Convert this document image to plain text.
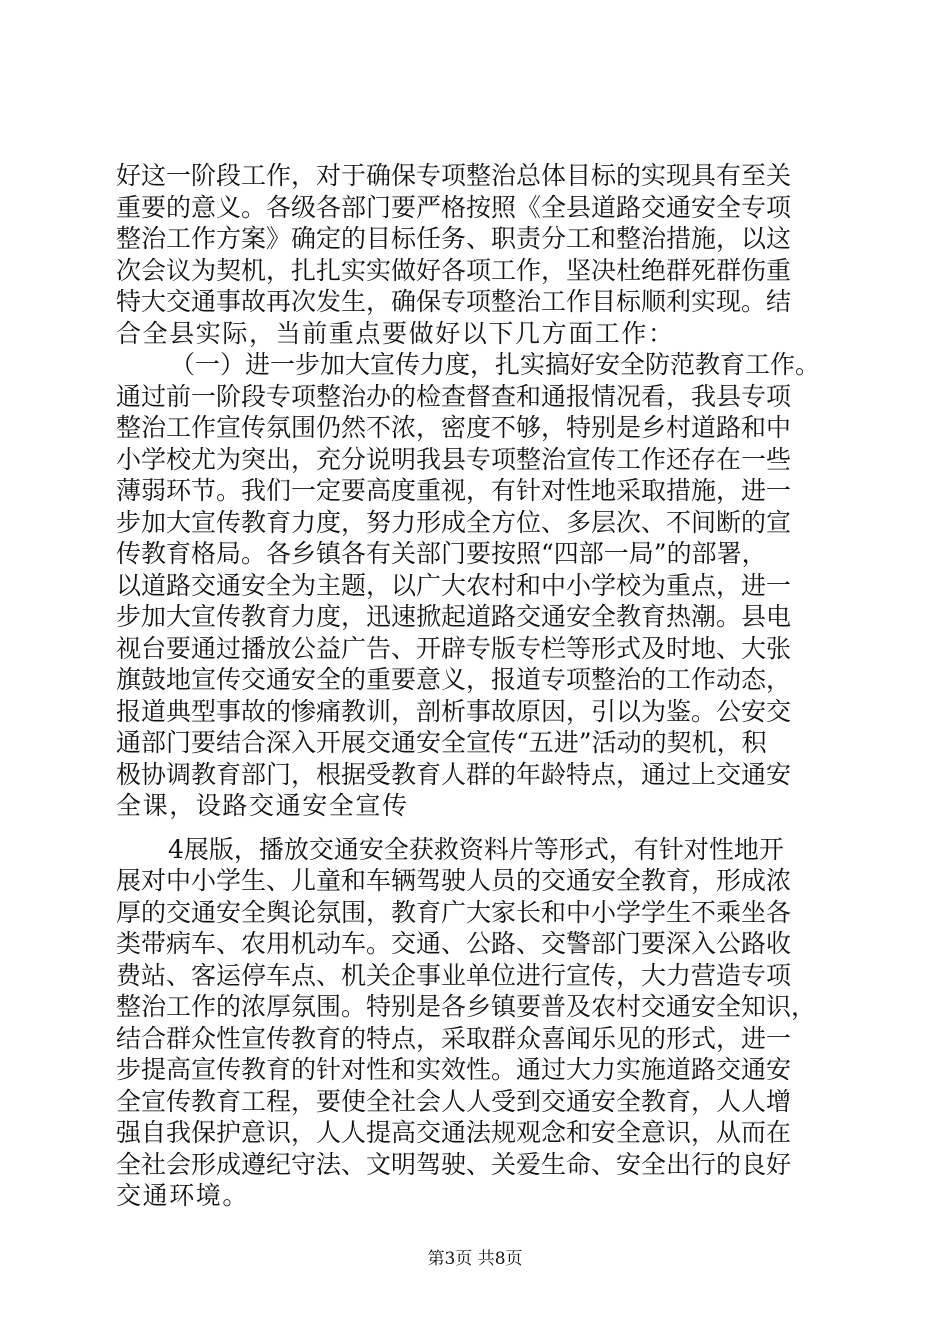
好这一阶段工作，对于确保专项整治总体目标的实现具有至关
重要的意义。各级各部门要严格按照《全县道路交通安全专项
整治工作方案》确定的目标任务、职责分工和整治措施，以这
次会议为契机，扎扎实实做好各项工作，坚决杜绝群死群伤重
特大交通事故再次发生，确保专项整治工作目标顺利实现。结
合全县实际，当前重点要做好以下几方面工作：
（一）进一步加大宣传力度，扎实搞好安全防范教育工作。
通过前一阶段专项整治办的检查督查和通报情况看，我县专项
整治工作宣传氛围仍然不浓，密度不够，特别是乡村道路和中
小学校尤为突出，充分说明我县专项整治宣传工作还存在一些
薄弱环节。我们一定要高度重视，有针对性地采取措施，进一
步加大宣传教育力度，努力形成全方位、多层次、不间断的宣
传教育格局。各乡镇各有关部门要按照“四部一局”的部署，
以道路交通安全为主题，以广大农村和中小学校为重点，进一
步加大宣传教育力度，迅速掀起道路交通安全教育热潮。县电
视台要通过播放公益广告、开辟专版专栏等形式及时地、大张
旗鼓地宣传交通安全的重要意义，报道专项整治的工作动态，
报道典型事故的惨痛教训，剖析事故原因，引以为鉴。公安交
通部门要结合深入开展交通安全宣传“五进”活动的契机，积
极协调教育部门，根据受教育人群的年龄特点，通过上交通安
全课，设路交通安全宣传
4展版，播放交通安全获救资料片等形式，有针对性地开
展对中小学生、儿童和车辆驾驶人员的交通安全教育，形成浓
厚的交通安全舆论氛围，教育广大家长和中小学学生不乘坐各
类带病车、农用机动车。交通、公路、交警部门要深入公路收
费站、客运停车点、机关企事业单位进行宣传，大力营造专项
整治工作的浓厚氛围。特别是各乡镇要普及农村交通安全知识，
结合群众性宣传教育的特点，采取群众喜闻乐见的形式，进一
步提高宣传教育的针对性和实效性。通过大力实施道路交通安
全宣传教育工程，要使全社会人人受到交通安全教育，人人增
强自我保护意识，人人提高交通法规观念和安全意识，从而在
全社会形成遵纪守法、文明驾驶、关爱生命、安全出行的良好
交通环境。
第3页 共8页
